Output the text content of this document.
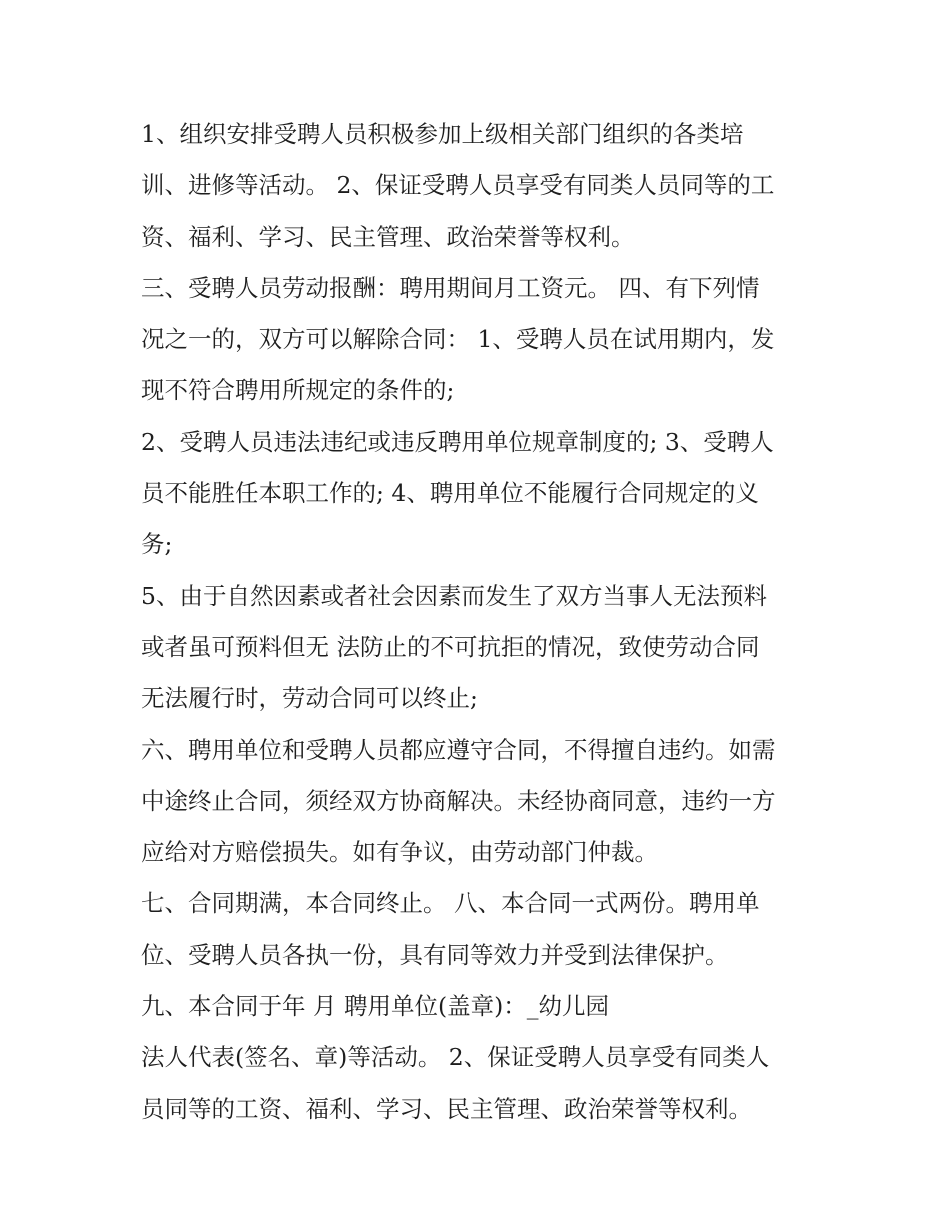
1、组织安排受聘人员积极参加上级相关部门组织的各类培
训、进修等活动。 2、保证受聘人员享受有同类人员同等的工
资、福利、学习、民主管理、政治荣誉等权利。
三、受聘人员劳动报酬：聘用期间月工资元。 四、有下列情
况之一的，双方可以解除合同： 1、受聘人员在试用期内，发
现不符合聘用所规定的条件的;
2、受聘人员违法违纪或违反聘用单位规章制度的; 3、受聘人
员不能胜任本职工作的; 4、聘用单位不能履行合同规定的义
务;
5、由于自然因素或者社会因素而发生了双方当事人无法预料
或者虽可预料但无 法防止的不可抗拒的情况，致使劳动合同
无法履行时，劳动合同可以终止;
六、聘用单位和受聘人员都应遵守合同，不得擅自违约。如需
中途终止合同，须经双方协商解决。未经协商同意，违约一方
应给对方赔偿损失。如有争议，由劳动部门仲裁。
七、合同期满，本合同终止。 八、本合同一式两份。聘用单
位、受聘人员各执一份，具有同等效力并受到法律保护。
九、本合同于年 月 聘用单位(盖章)：_幼儿园
法人代表(签名、章)等活动。 2、保证受聘人员享受有同类人
员同等的工资、福利、学习、民主管理、政治荣誉等权利。
